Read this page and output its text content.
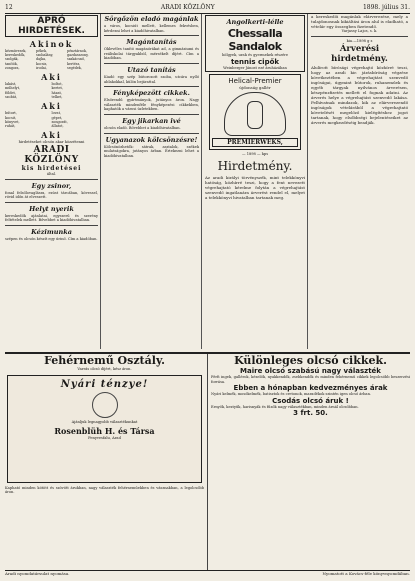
12	ARADI KÖZLÖNY	1898. július 31.
APRÓ HIRDETÉSEK.
Akinok
kézmüvesek,	pékek,	pénztárnok,
kereskedők,	szobalány,	gazdasszony,
szolgák,	dajka,	szakácsnő,
tanítók,	kocsis,	kertész,
zongora,	irodai,	segédek,
Aki
lakást,	boltot,
műhelyt,	kertet,
földet,	házat,
szobát,	telket,
Aki
bútort,	lovat,
kocsit,	gépet,
könyvet,	zongorát,
ruhát,	állatot,
Aki
hirdetéseket olcsón akar közzétenni
ARADI KÖZLÖNY
kis hirdetései
által.
Egy zsinor,
fonal felsőlovaglásra, ezüst tárcában, kövessel, rövid időn át elveszett.
Helyt nyerik
kereskedők ajánlatai, egyszerű és szerény feltételek mellett. Bővebbet a kiadóhivatalban.
Kézimunka
szépen és olcsón készít egy úrinő. Cím a kiadóban.
Sörgőzön eladó magánlak
a város, kocsiút mellett, kellemes fekvésben, kérdezni lehet a kiadóhivatalban.
Magántanítás
Oklevéles tanító magánórákat ad, a gimnáziumi és reáliskolai tárgyakból, mérsékelt díjért. Cím a kiadóban.
Utazó tanítás
Kiadó egy szép bútorozott szoba, utcára nyíló ablakokkal, külön bejárattal.
Fényképezött cikkek.
Elsőrendű gyártmányok, jutányos áron. Nagy választék mindenféle fényképezési cikkekben, kaphatók a városi üzletekben.
Egy jikarkan ivé
olcsón eladó. Bővebbet a kiadóhivatalban.
Ugyanazok kölcsönzésre!
Kölcsönözhetők: sátrak, asztalok, székek mulatságokra, jutányos árban. Értekezni lehet a kiadóhivatalban.
Angolkerti-lélle
Chessalla Sandalok
hölgyek, urak és gyermekek részére
tennis cipők
Weinberger Jánost ezé áruházában
Helical-Premier
újdonság gallér
PREMIERWEKS,
— 1898 — kps
Hirdetmény.
Az aradi királyi törvényszék, mint telekkönyvi hatóság, közhírré teszi, hogy a fent nevezett végrehajtató kérelme folytán a végrehajtást szenvedő ingatlanára árverést rendel el, melyet a telekkönyvi hivatalban tartanak meg.
a kereskedői magánlak elárverezése, mely a tulajdonosnak kikiáltási áron alul is eladható, a vételár egy összegben fizetendő.
Varjassy Lajos, s. k.
kia.—1898 g z
Árverési hirdetmény.
Alulírott bírósági végrehajtó közhírré teszi, hogy az aradi kir. járásbíróság végzése következtében a végrehajtást szenvedő ingóságai, úgymint bútorok, ruhaneműek és egyéb tárgyak nyilvános árverésen, készpénzfizetés mellett el fognak adatni. Az árverés helye a végrehajtást szenvedő lakása. Felhívatnak mindazok, kik az elárverezendő ingóságok vételárából a végrehajtató követelését megelőző kielégítéshez jogot tartanak, hogy elsőbbségi bejelentéseiket az árverés megkezdéséig beadják.
Fehérnemű Osztály.
Varrás olcsó díjért, kész áron.
Nyári ténzye!
Ajánljuk legnagyobb választékunkat
Rosenblüh H. és Társa
Fenyvesfalu, Arad
Kapható minden kötött és szövött árukban, nagy választék fehérneműekben és vásznakban, a legolcsóbb áron.
Különleges olcsó cikkek.
Maire olcsó szabású nagy választék
Férfi ingek, gallérok, kézelők, nyakkendők, zsebkendők és minden fehérnemű cikkek legolcsóbb beszerzési forrása.
Ebben a hónapban kedvezményes árak
Nyári kelmék, mosókelmék, batisztok és cretonok, maradékok szintén igen olcsó árban.
Csodás olcsó áruk !
Ernyők, keztyűk, harisnyák és fűzők nagy választékban, minden árnál olcsóbban.
3 frt. 50.
Aradi nyomdatársulat nyomása.	Nyomatott a Kovács-féle könyvnyomdában.
